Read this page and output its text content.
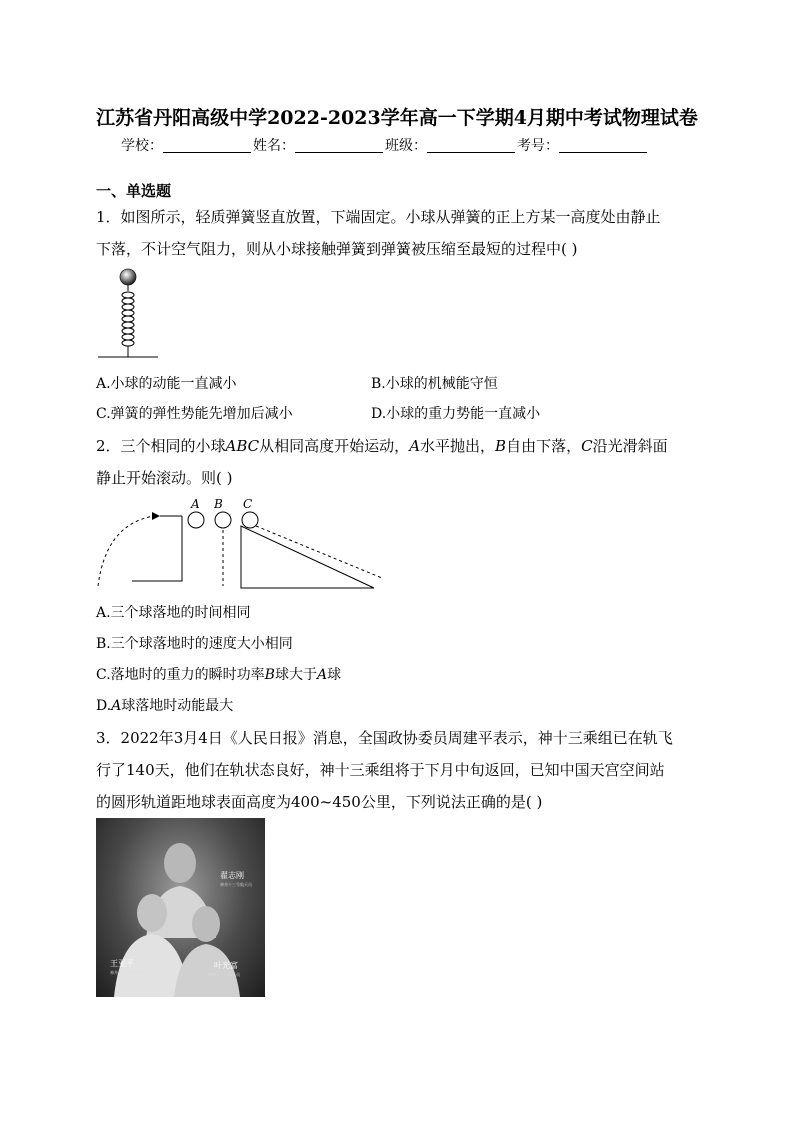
江苏省丹阳高级中学2022-2023学年高一下学期4月期中考试物理试卷
学校：	姓名：	班级：	考号：
一、单选题
1．如图所示，轻质弹簧竖直放置，下端固定。小球从弹簧的正上方某一高度处由静止
下落，不计空气阻力，则从小球接触弹簧到弹簧被压缩至最短的过程中( )
A.小球的动能一直减小	B.小球的机械能守恒
C.弹簧的弹性势能先增加后减小	D.小球的重力势能一直减小
2．三个相同的小球ABC从相同高度开始运动，A水平抛出，B自由下落，C沿光滑斜面
静止开始滚动。则( )
A B C
A.三个球落地的时间相同
B.三个球落地时的速度大小相同
C.落地时的重力的瞬时功率B球大于A球
D.A球落地时动能最大
3．2022年3月4日《人民日报》消息，全国政协委员周建平表示，神十三乘组已在轨飞
行了140天，他们在轨状态良好，神十三乘组将于下月中旬返回，已知中国天宫空间站
的圆形轨道距地球表面高度为400~450公里，下列说法正确的是( )
翟志刚
神舟十三号航天员
王亚平
神舟十三号航天员
叶光富
神舟十三号航天员
